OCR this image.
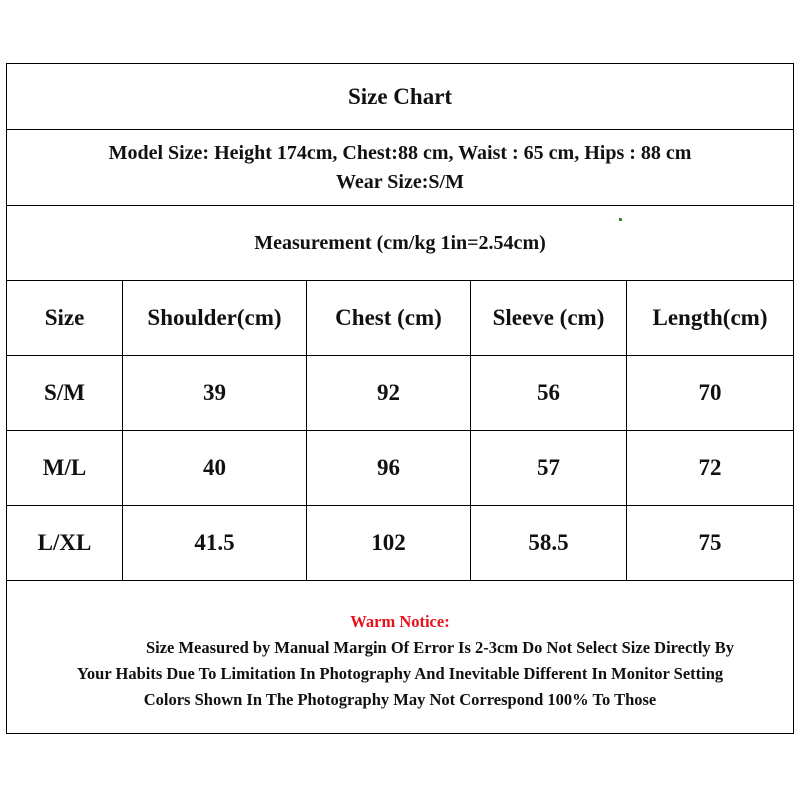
Size Chart
Model Size: Height 174cm, Chest:88 cm, Waist : 65 cm, Hips : 88 cm
Wear Size:S/M
Measurement (cm/kg 1in=2.54cm)
Size	Shoulder(cm)	Chest (cm)	Sleeve (cm)	Length(cm)
S/M	39	92	56	70
M/L	40	96	57	72
L/XL	41.5	102	58.5	75
Warm Notice:
Size Measured by Manual Margin Of Error Is 2-3cm Do Not Select Size Directly By
Your Habits Due To Limitation In Photography And Inevitable Different In Monitor Setting
Colors Shown In The Photography May Not Correspond 100% To Those
